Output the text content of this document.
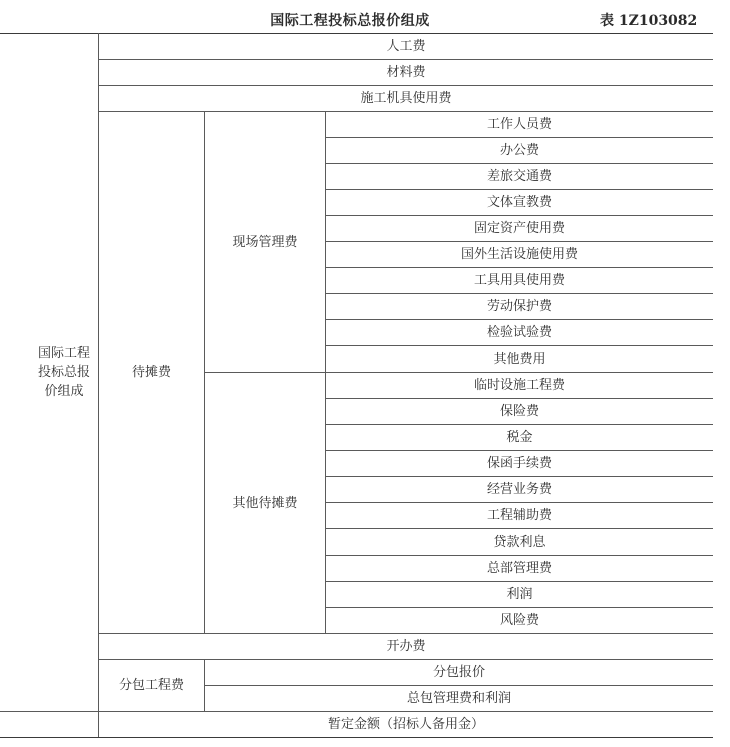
国际工程投标总报价组成	表 1Z103082
国际工程投标总报价组成
人工费
材料费
施工机具使用费
待摊费
现场管理费
其他待摊费
工作人员费
办公费
差旅交通费
文体宣教费
固定资产使用费
国外生活设施使用费
工具用具使用费
劳动保护费
检验试验费
其他费用
临时设施工程费
保险费
税金
保函手续费
经营业务费
工程辅助费
贷款利息
总部管理费
利润
风险费
开办费
分包工程费
分包报价
总包管理费和利润
暂定金额（招标人备用金）
